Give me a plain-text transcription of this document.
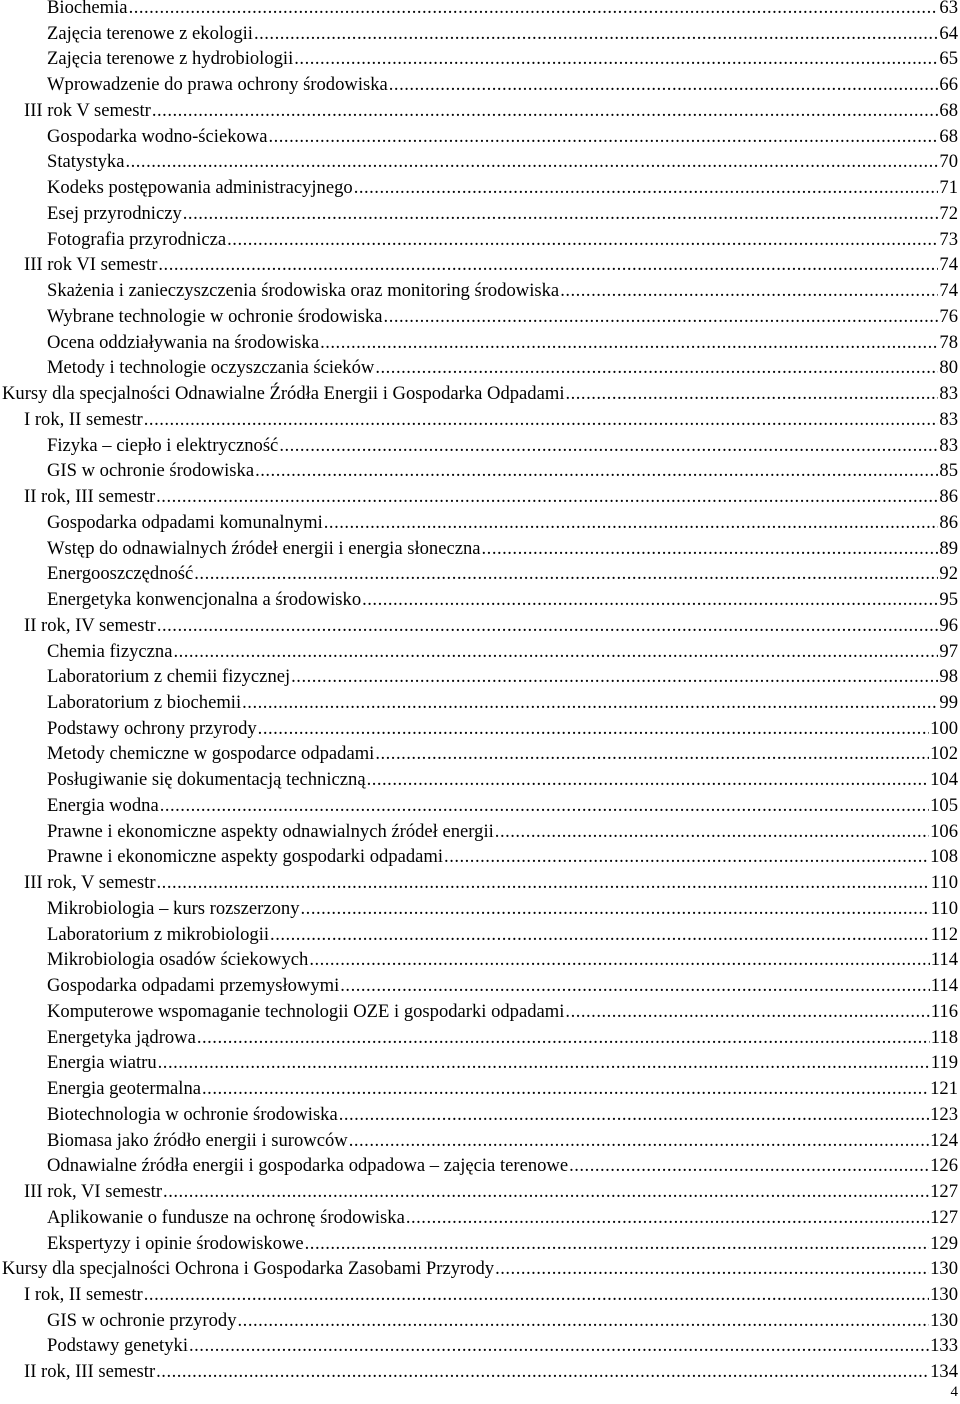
Biochemia .....	63
Zajęcia terenowe z ekologii .....	64
Zajęcia terenowe z hydrobiologii .....	65
Wprowadzenie do prawa ochrony środowiska .....	66
III rok V semestr .....	68
Gospodarka wodno-ściekowa .....	68
Statystyka .....	70
Kodeks postępowania administracyjnego .....	71
Esej przyrodniczy .....	72
Fotografia przyrodnicza .....	73
III rok VI semestr .....	74
Skażenia i zanieczyszczenia środowiska oraz monitoring środowiska .....	74
Wybrane technologie w ochronie środowiska .....	76
Ocena oddziaływania na środowiska .....	78
Metody i technologie oczyszczania ścieków .....	80
Kursy dla specjalności Odnawialne Źródła Energii i Gospodarka Odpadami .....	83
I rok, II semestr .....	83
Fizyka – ciepło i elektryczność .....	83
GIS w ochronie środowiska .....	85
II rok, III semestr .....	86
Gospodarka odpadami komunalnymi .....	86
Wstęp do odnawialnych źródeł energii i energia słoneczna .....	89
Energooszczędność .....	92
Energetyka konwencjonalna a środowisko .....	95
II rok, IV semestr .....	96
Chemia fizyczna .....	97
Laboratorium z chemii fizycznej .....	98
Laboratorium z biochemii .....	99
Podstawy ochrony przyrody .....	100
Metody chemiczne w gospodarce odpadami .....	102
Posługiwanie się dokumentacją techniczną .....	104
Energia wodna .....	105
Prawne i ekonomiczne aspekty odnawialnych źródeł energii .....	106
Prawne i ekonomiczne aspekty gospodarki odpadami .....	108
III rok, V semestr .....	110
Mikrobiologia – kurs rozszerzony .....	110
Laboratorium z mikrobiologii .....	112
Mikrobiologia osadów ściekowych .....	114
Gospodarka odpadami przemysłowymi .....	114
Komputerowe wspomaganie technologii OZE i gospodarki odpadami .....	116
Energetyka jądrowa .....	118
Energia wiatru .....	119
Energia geotermalna .....	121
Biotechnologia w ochronie środowiska .....	123
Biomasa jako źródło energii i surowców .....	124
Odnawialne źródła energii i gospodarka odpadowa – zajęcia terenowe .....	126
III rok, VI semestr .....	127
Aplikowanie o fundusze na ochronę środowiska .....	127
Ekspertyzy i opinie środowiskowe .....	129
Kursy dla specjalności Ochrona i Gospodarka Zasobami Przyrody .....	130
I rok, II semestr .....	130
GIS w ochronie przyrody .....	130
Podstawy genetyki .....	133
II rok, III semestr .....	134
4
